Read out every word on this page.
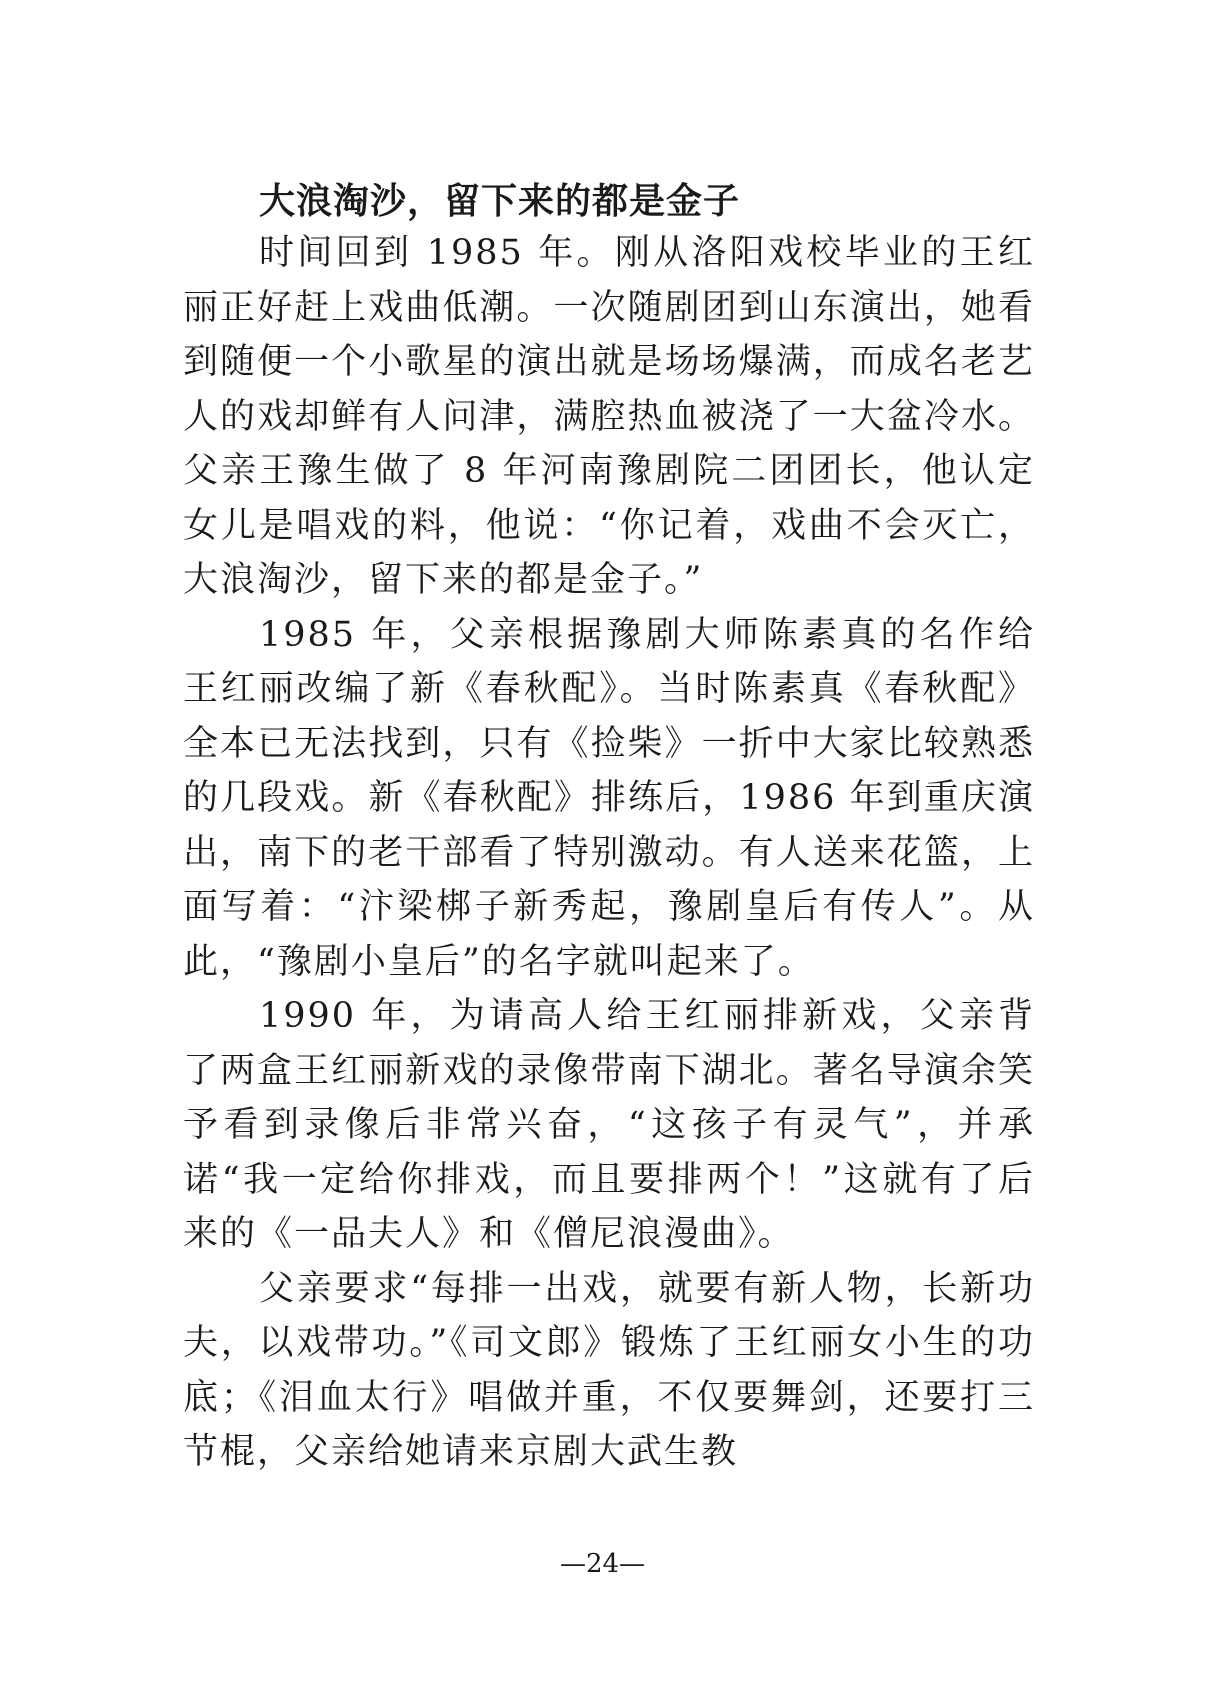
大浪淘沙，留下来的都是金子

时间回到 1985 年。刚从洛阳戏校毕业的王红丽正好赶上戏曲低潮。一次随剧团到山东演出，她看到随便一个小歌星的演出就是场场爆满，而成名老艺人的戏却鲜有人问津，满腔热血被浇了一大盆冷水。父亲王豫生做了 8 年河南豫剧院二团团长，他认定女儿是唱戏的料，他说：“你记着，戏曲不会灭亡，大浪淘沙，留下来的都是金子。”

1985 年，父亲根据豫剧大师陈素真的名作给王红丽改编了新《春秋配》。当时陈素真《春秋配》全本已无法找到，只有《捡柴》一折中大家比较熟悉的几段戏。新《春秋配》排练后，1986 年到重庆演出，南下的老干部看了特别激动。有人送来花篮，上面写着：“汴梁梆子新秀起，豫剧皇后有传人”。从此，“豫剧小皇后”的名字就叫起来了。

1990 年，为请高人给王红丽排新戏，父亲背了两盒王红丽新戏的录像带南下湖北。著名导演余笑予看到录像后非常兴奋，“这孩子有灵气”，并承诺“我一定给你排戏，而且要排两个！”这就有了后来的《一品夫人》和《僧尼浪漫曲》。

父亲要求“每排一出戏，就要有新人物，长新功夫，以戏带功。”《司文郎》锻炼了王红丽女小生的功底；《泪血太行》唱做并重，不仅要舞剑，还要打三节棍，父亲给她请来京剧大武生教

—24—
